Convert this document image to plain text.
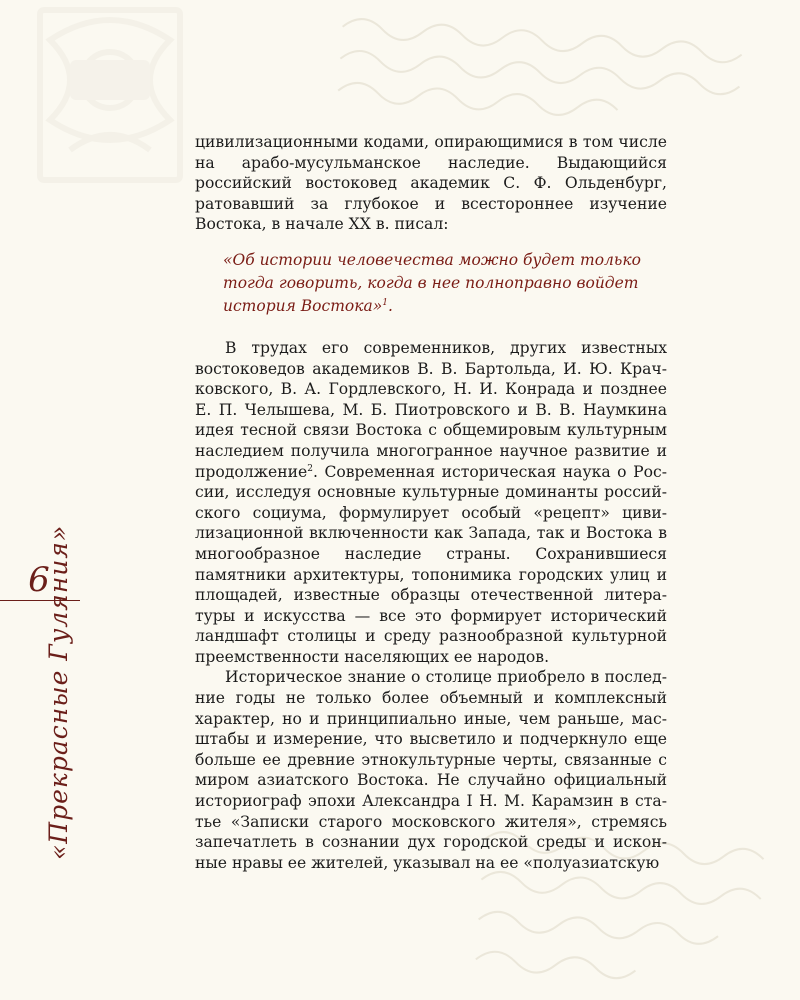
6
«Прекрасные Гуляния»

цивилизационными кодами, опирающимися в том числе на арабо-мусульманское наследие. Выдающийся российский востоковед академик С. Ф. Ольденбург, ратовавший за глубокое и всестороннее изучение Востока, в начале XX в. писал:

«Об истории человечества можно будет только тогда говорить, когда в нее полноправно войдет история Востока»$^1$.

В трудах его современников, других известных востоковедов академиков В. В. Бартольда, И. Ю. Крачковского, В. А. Гордлевского, Н. И. Конрада и позднее Е. П. Челышева, М. Б. Пиотровского и В. В. Наумкина идея тесной связи Востока с общемировым культурным наследием получила многогранное научное развитие и продолжение$^2$. Современная историческая наука о России, исследуя основные культурные доминанты российского социума, формулирует особый «рецепт» цивилизационной включенности как Запада, так и Востока в многообразное наследие страны. Сохранившиеся памятники архитектуры, топонимика городских улиц и площадей, известные образцы отечественной литературы и искусства — все это формирует исторический ландшафт столицы и среду разнообразной культурной преемственности населяющих ее народов.

Историческое знание о столице приобрело в последние годы не только более объемный и комплексный характер, но и принципиально иные, чем раньше, масштабы и измерение, что высветило и подчеркнуло еще больше ее древние этнокультурные черты, связанные с миром азиатского Востока. Не случайно официальный историограф эпохи Александра I Н. М. Карамзин в статье «Записки старого московского жителя», стремясь запечатлеть в сознании дух городской среды и исконные нравы ее жителей, указывал на ее «полуазиатскую
